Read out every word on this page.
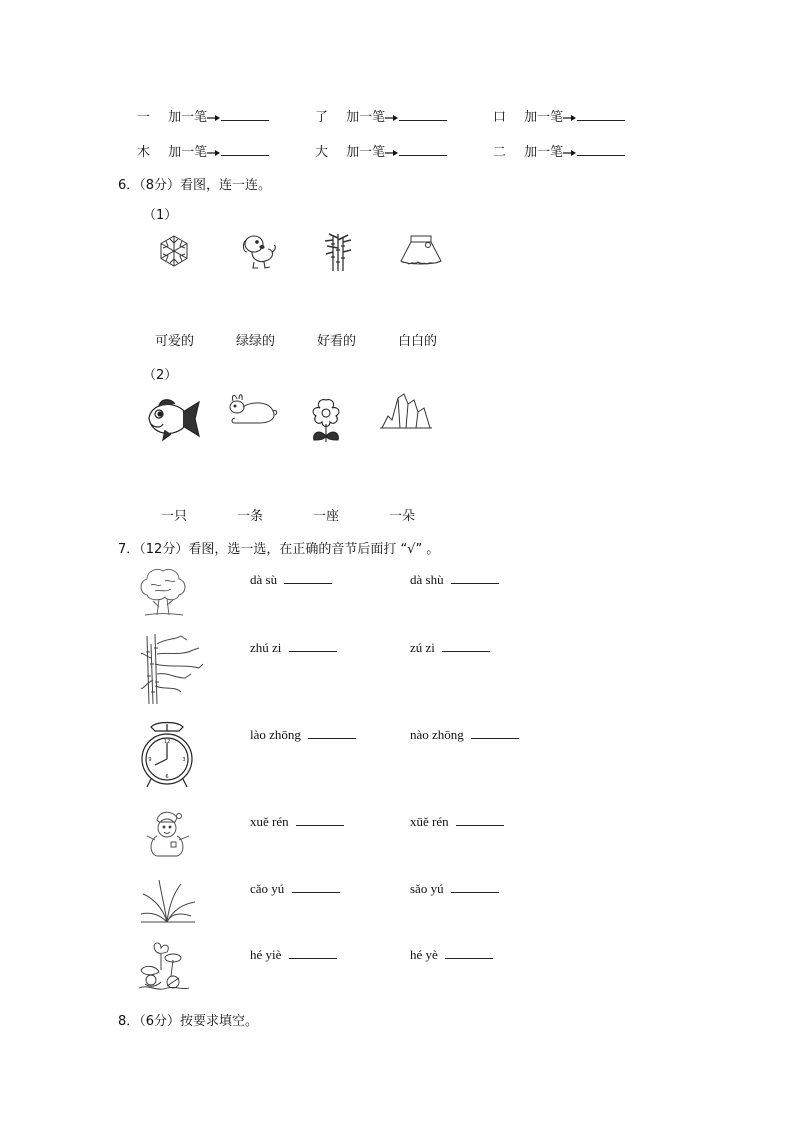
一 加一笔	了 加一笔	口 加一笔
木 加一笔	大 加一笔	二 加一笔
6．（8分）看图，连一连。
（1）
可爱的	绿绿的	好看的	白白的
（2）
一只	一条	一座	一朵
7．（12分）看图，选一选，在正确的音节后面打 “√” 。
12
3
6
9
dà sù	dà shù
zhú zi	zú zi
lào zhōng	nào zhōng
xuě rén	xūě rén
cǎo yú	sǎo yú
hé yiè	hé yè
8．（6分）按要求填空。
